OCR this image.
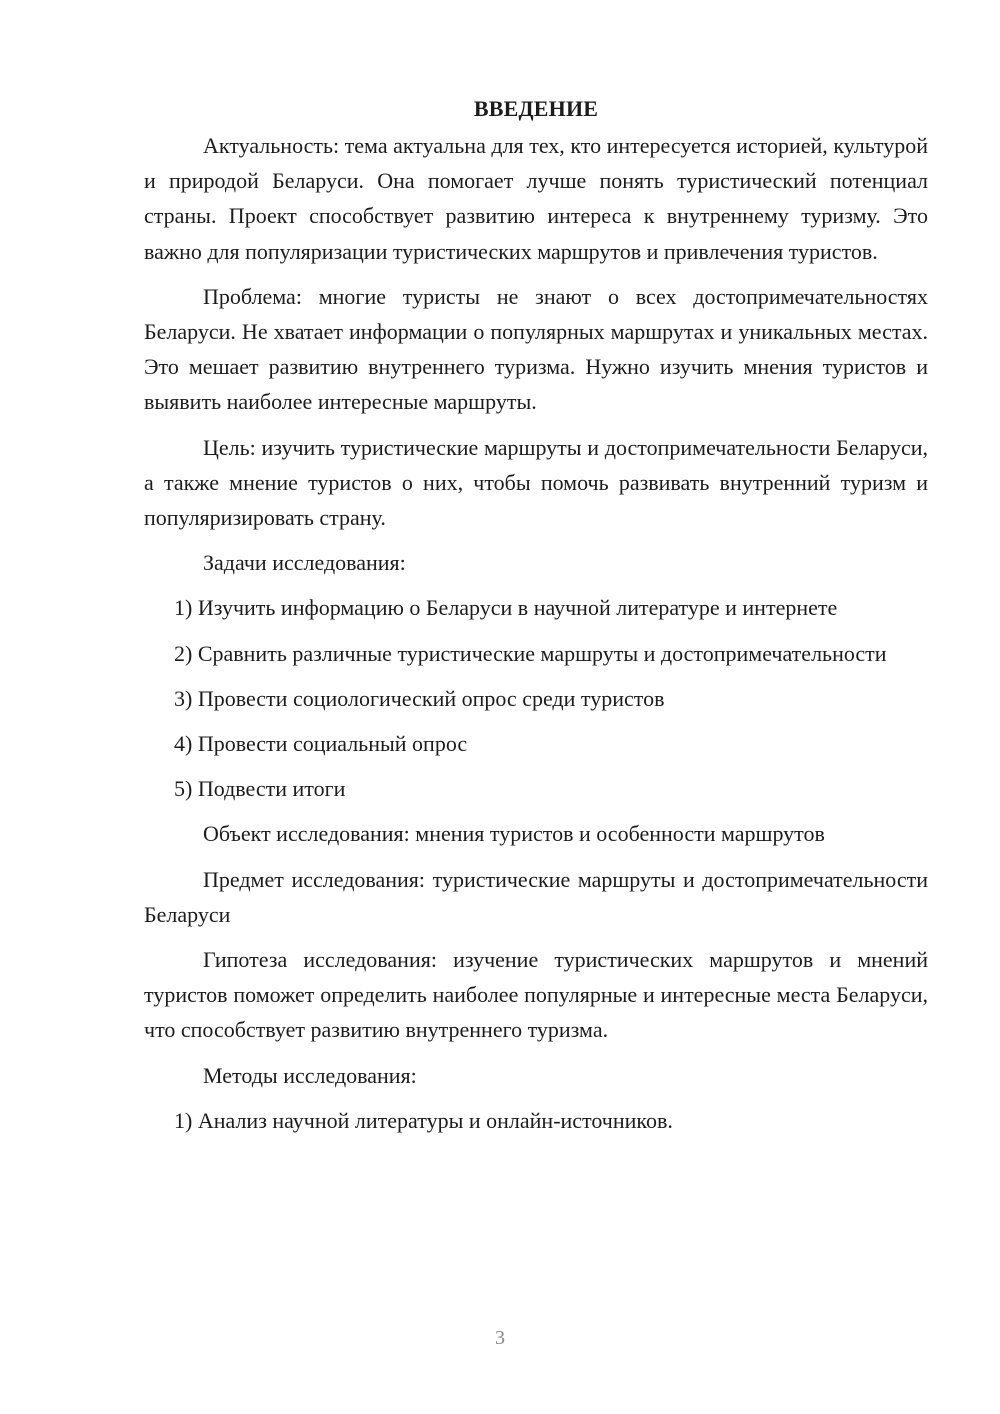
ВВЕДЕНИЕ

Актуальность: тема актуальна для тех, кто интересуется историей, культурой и природой Беларуси. Она помогает лучше понять туристический потенциал страны. Проект способствует развитию интереса к внутреннему туризму. Это важно для популяризации туристических маршрутов и привлечения туристов.

Проблема: многие туристы не знают о всех достопримечательностях Беларуси. Не хватает информации о популярных маршрутах и уникальных местах. Это мешает развитию внутреннего туризма. Нужно изучить мнения туристов и выявить наиболее интересные маршруты.

Цель: изучить туристические маршруты и достопримечательности Беларуси, а также мнение туристов о них, чтобы помочь развивать внутренний туризм и популяризировать страну.

Задачи исследования:

1) Изучить информацию о Беларуси в научной литературе и интернете

2) Сравнить различные туристические маршруты и достопримечательности

3) Провести социологический опрос среди туристов

4) Провести социальный опрос

5) Подвести итоги

Объект исследования: мнения туристов и особенности маршрутов

Предмет исследования: туристические маршруты и достопримечательности Беларуси

Гипотеза исследования: изучение туристических маршрутов и мнений туристов поможет определить наиболее популярные и интересные места Беларуси, что способствует развитию внутреннего туризма.

Методы исследования:

1) Анализ научной литературы и онлайн-источников.

3
